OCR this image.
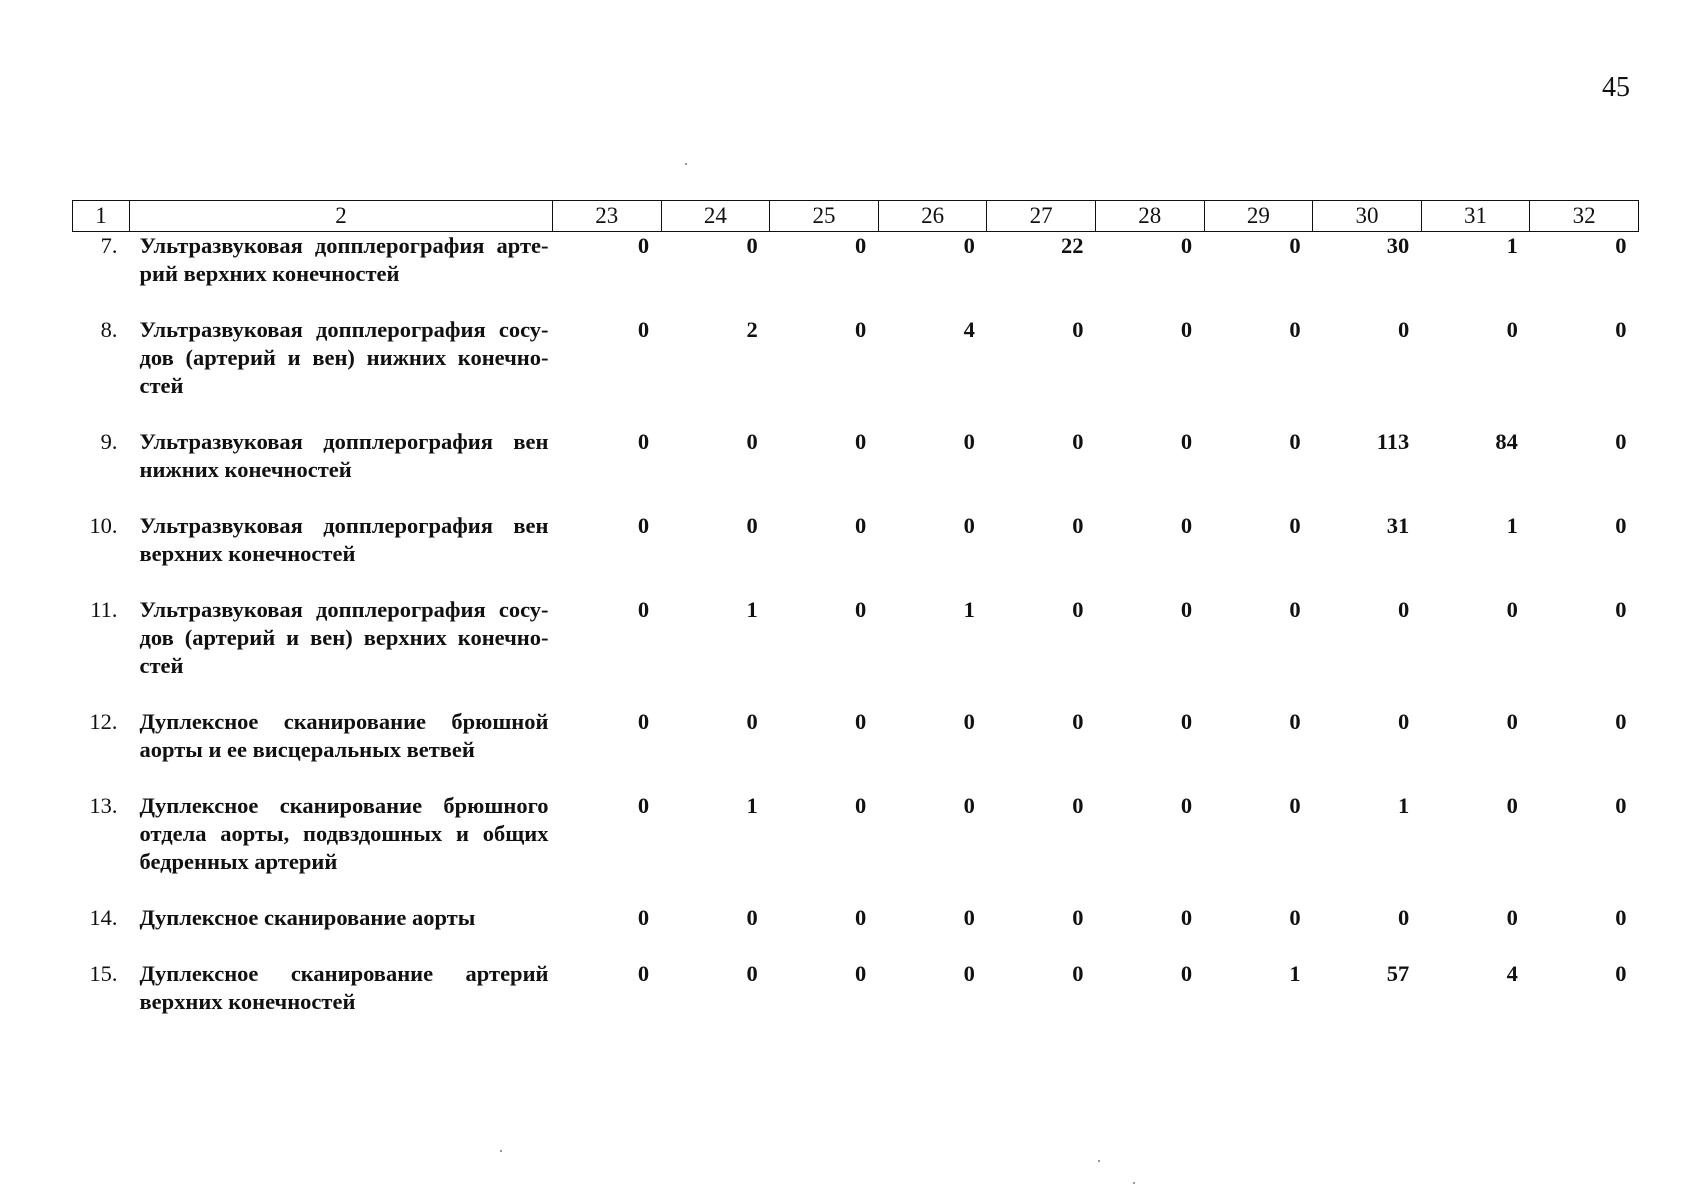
45
1	2	23	24	25	26	27	28	29	30	31	32
7.	Ультразвуковая допплерография арте-рий верхних конечностей	0	0	0	0	22	0	0	30	1	0
8.	Ультразвуковая допплерография сосу-дов (артерий и вен) нижних конечно-стей	0	2	0	4	0	0	0	0	0	0
9.	Ультразвуковая допплерография вен нижних конечностей	0	0	0	0	0	0	0	113	84	0
10.	Ультразвуковая допплерография вен верхних конечностей	0	0	0	0	0	0	0	31	1	0
11.	Ультразвуковая допплерография сосу-дов (артерий и вен) верхних конечно-стей	0	1	0	1	0	0	0	0	0	0
12.	Дуплексное сканирование брюшной аорты и ее висцеральных ветвей	0	0	0	0	0	0	0	0	0	0
13.	Дуплексное сканирование брюшного отдела аорты, подвздошных и общих бедренных артерий	0	1	0	0	0	0	0	1	0	0
14.	Дуплексное сканирование аорты	0	0	0	0	0	0	0	0	0	0
15.	Дуплексное сканирование артерий верхних конечностей	0	0	0	0	0	0	1	57	4	0
